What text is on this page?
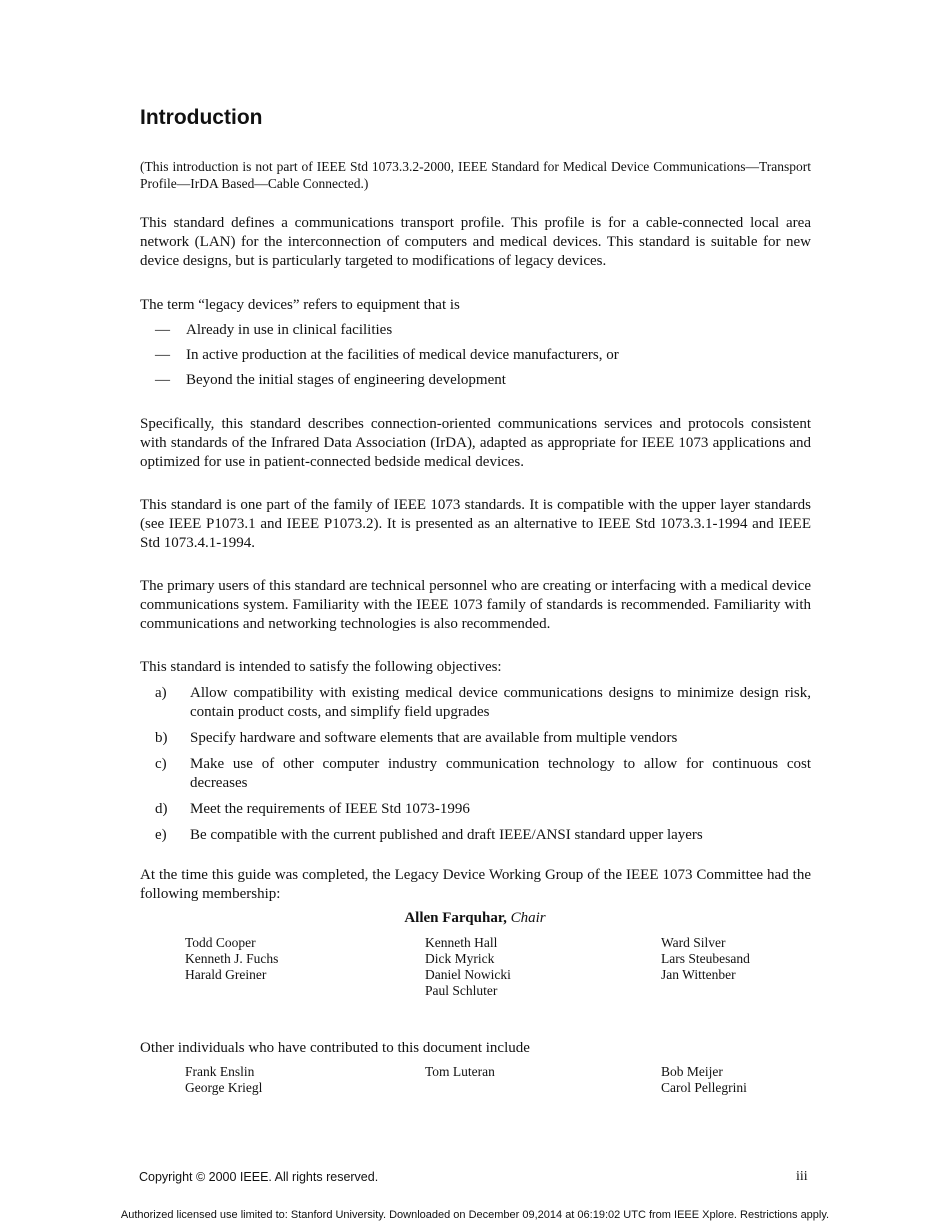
Introduction

(This introduction is not part of IEEE Std 1073.3.2-2000, IEEE Standard for Medical Device Communications—Transport Profile—IrDA Based—Cable Connected.)

This standard defines a communications transport profile. This profile is for a cable-connected local area network (LAN) for the interconnection of computers and medical devices. This standard is suitable for new device designs, but is particularly targeted to modifications of legacy devices.

The term “legacy devices” refers to equipment that is

— Already in use in clinical facilities
— In active production at the facilities of medical device manufacturers, or
— Beyond the initial stages of engineering development

Specifically, this standard describes connection-oriented communications services and protocols consistent with standards of the Infrared Data Association (IrDA), adapted as appropriate for IEEE 1073 applications and optimized for use in patient-connected bedside medical devices.

This standard is one part of the family of IEEE 1073 standards. It is compatible with the upper layer standards (see IEEE P1073.1 and IEEE P1073.2). It is presented as an alternative to IEEE Std 1073.3.1-1994 and IEEE Std 1073.4.1-1994.

The primary users of this standard are technical personnel who are creating or interfacing with a medical device communications system. Familiarity with the IEEE 1073 family of standards is recommended. Familiarity with communications and networking technologies is also recommended.

This standard is intended to satisfy the following objectives:

a) Allow compatibility with existing medical device communications designs to minimize design risk, contain product costs, and simplify field upgrades
b) Specify hardware and software elements that are available from multiple vendors
c) Make use of other computer industry communication technology to allow for continuous cost decreases
d) Meet the requirements of IEEE Std 1073-1996
e) Be compatible with the current published and draft IEEE/ANSI standard upper layers

At the time this guide was completed, the Legacy Device Working Group of the IEEE 1073 Committee had the following membership:

Allen Farquhar, Chair
Todd Cooper
Kenneth J. Fuchs
Harald Greiner
Kenneth Hall
Dick Myrick
Daniel Nowicki
Paul Schluter
Ward Silver
Lars Steubesand
Jan Wittenber

Other individuals who have contributed to this document include

Frank Enslin
George Kriegl
Tom Luteran	Bob Meijer
Carol Pellegrini
Copyright © 2000 IEEE. All rights reserved.	iii
Authorized licensed use limited to: Stanford University. Downloaded on December 09,2014 at 06:19:02 UTC from IEEE Xplore. Restrictions apply.
